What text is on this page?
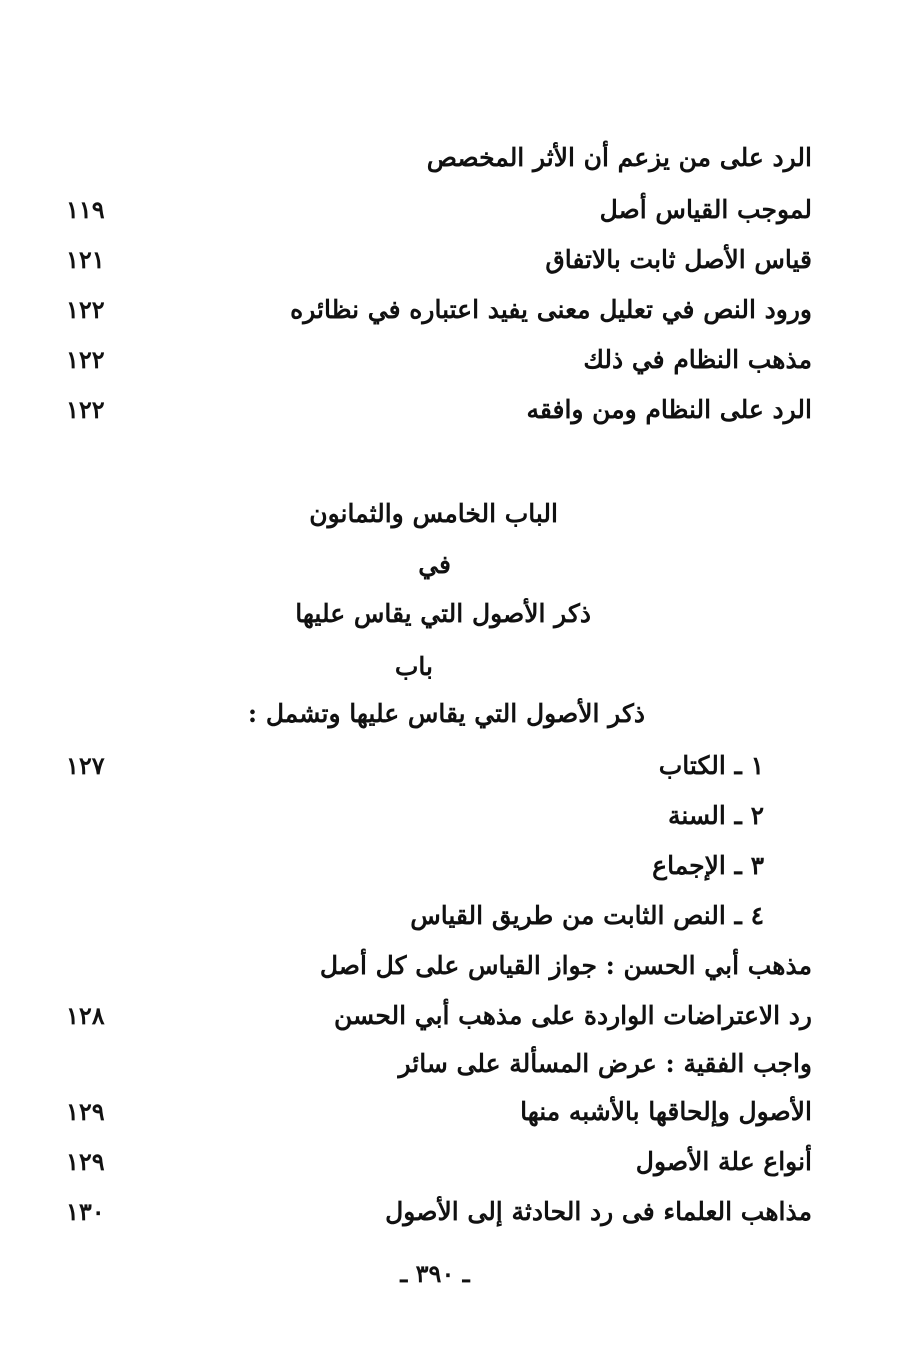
الرد على من يزعم أن الأثر المخصص
لموجب القياس أصل
١١٩
قياس الأصل ثابت بالاتفاق
١٢١
ورود النص في تعليل معنى يفيد اعتباره في نظائره
١٢٢
مذهب النظام في ذلك
١٢٢
الرد على النظام ومن وافقه
١٢٢
الباب الخامس والثمانون
في
ذكر الأصول التي يقاس عليها
باب
ذكر الأصول التي يقاس عليها وتشمل :
١ ـ الكتاب
١٢٧
٢ ـ السنة
٣ ـ الإجماع
٤ ـ النص الثابت من طريق القياس
مذهب أبي الحسن : جواز القياس على كل أصل
رد الاعتراضات الواردة على مذهب أبي الحسن
١٢٨
واجب الفقية : عرض المسألة على سائر
الأصول وإلحاقها بالأشبه منها
١٢٩
أنواع علة الأصول
١٢٩
مذاهب العلماء فى رد الحادثة إلى الأصول
١٣٠
ـ ٣٩٠ ـ
